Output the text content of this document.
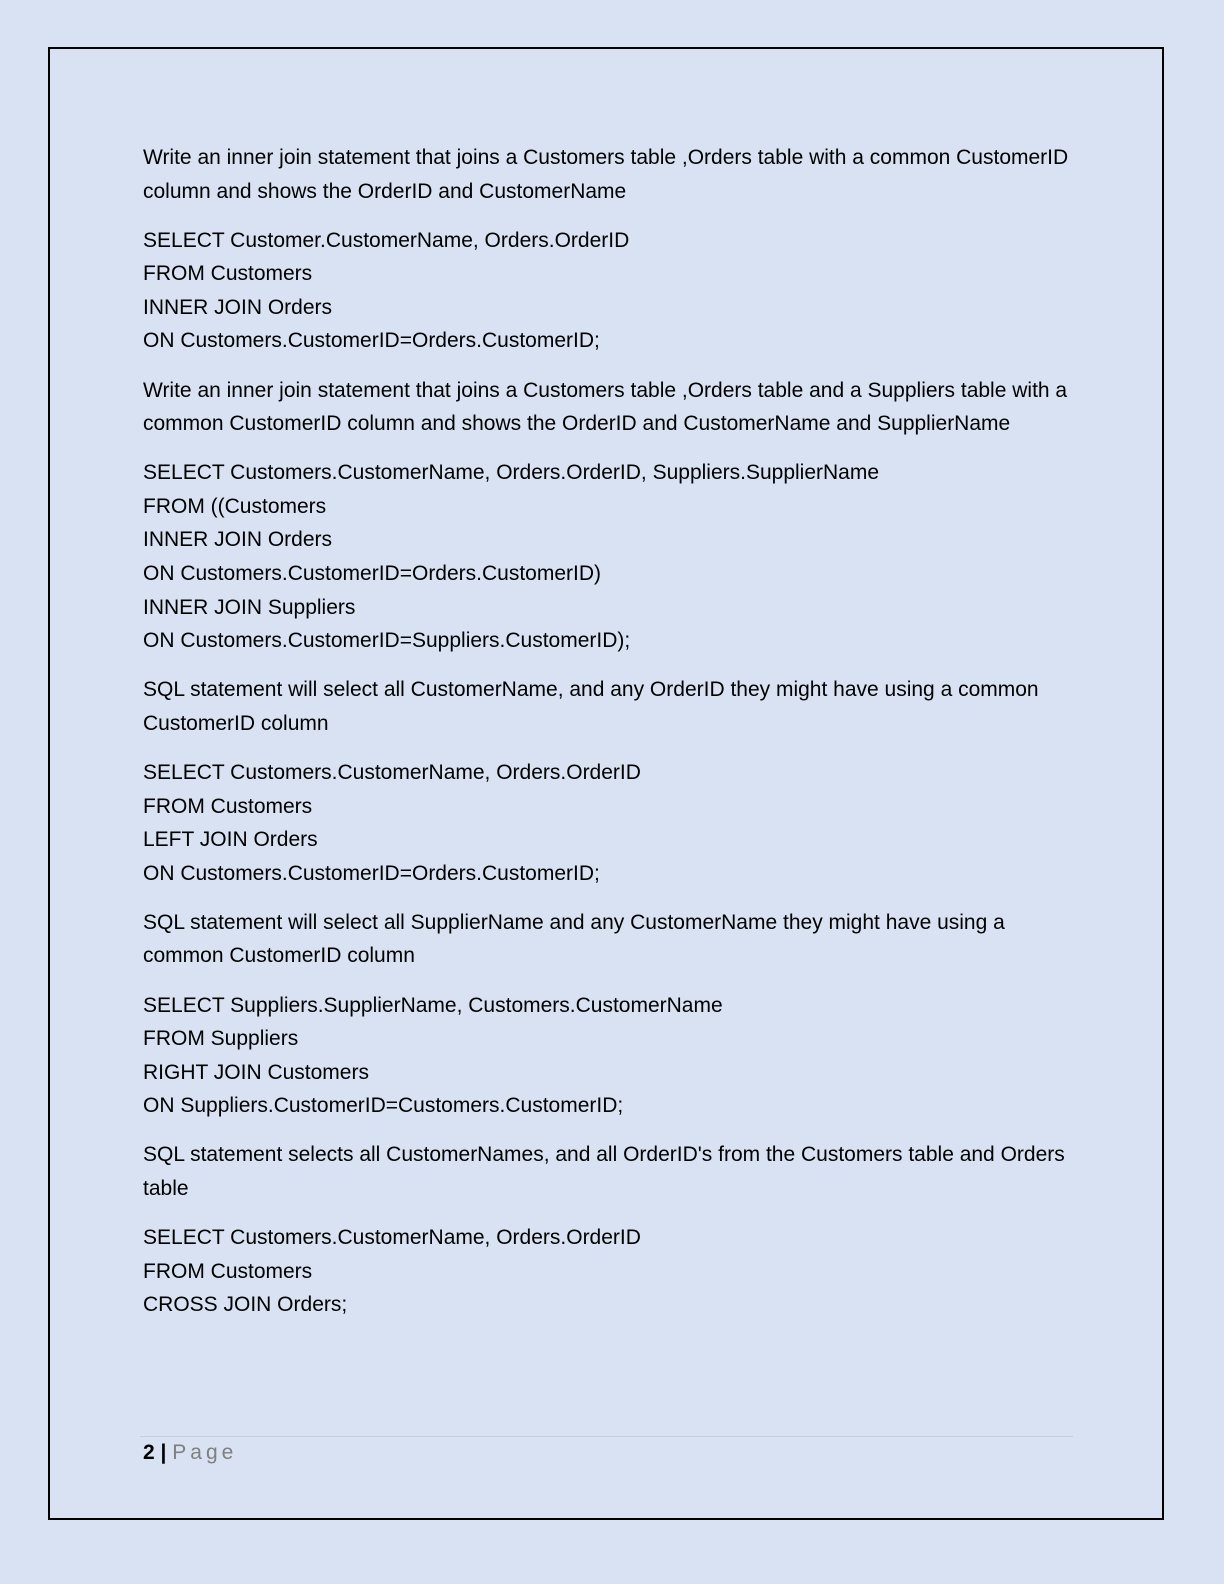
Write an inner join statement that joins a Customers table ,Orders table with a common CustomerID column and shows the OrderID and CustomerName

SELECT Customer.CustomerName, Orders.OrderID
FROM Customers
INNER JOIN Orders
ON Customers.CustomerID=Orders.CustomerID;

Write an inner join statement that joins a Customers table ,Orders table and a Suppliers table with a common CustomerID column and shows the OrderID and CustomerName and SupplierName

SELECT Customers.CustomerName, Orders.OrderID, Suppliers.SupplierName
FROM ((Customers
INNER JOIN Orders
ON Customers.CustomerID=Orders.CustomerID)
INNER JOIN Suppliers
ON Customers.CustomerID=Suppliers.CustomerID);

SQL statement will select all CustomerName, and any OrderID they might have using a common CustomerID column

SELECT Customers.CustomerName, Orders.OrderID
FROM Customers
LEFT JOIN Orders
ON Customers.CustomerID=Orders.CustomerID;

SQL statement will select all SupplierName and any CustomerName they might have using a common CustomerID column

SELECT Suppliers.SupplierName, Customers.CustomerName
FROM Suppliers
RIGHT JOIN Customers
ON Suppliers.CustomerID=Customers.CustomerID;

SQL statement selects all CustomerNames, and all OrderID's from the Customers table and Orders table

SELECT Customers.CustomerName, Orders.OrderID
FROM Customers
CROSS JOIN Orders;
2 | Page
